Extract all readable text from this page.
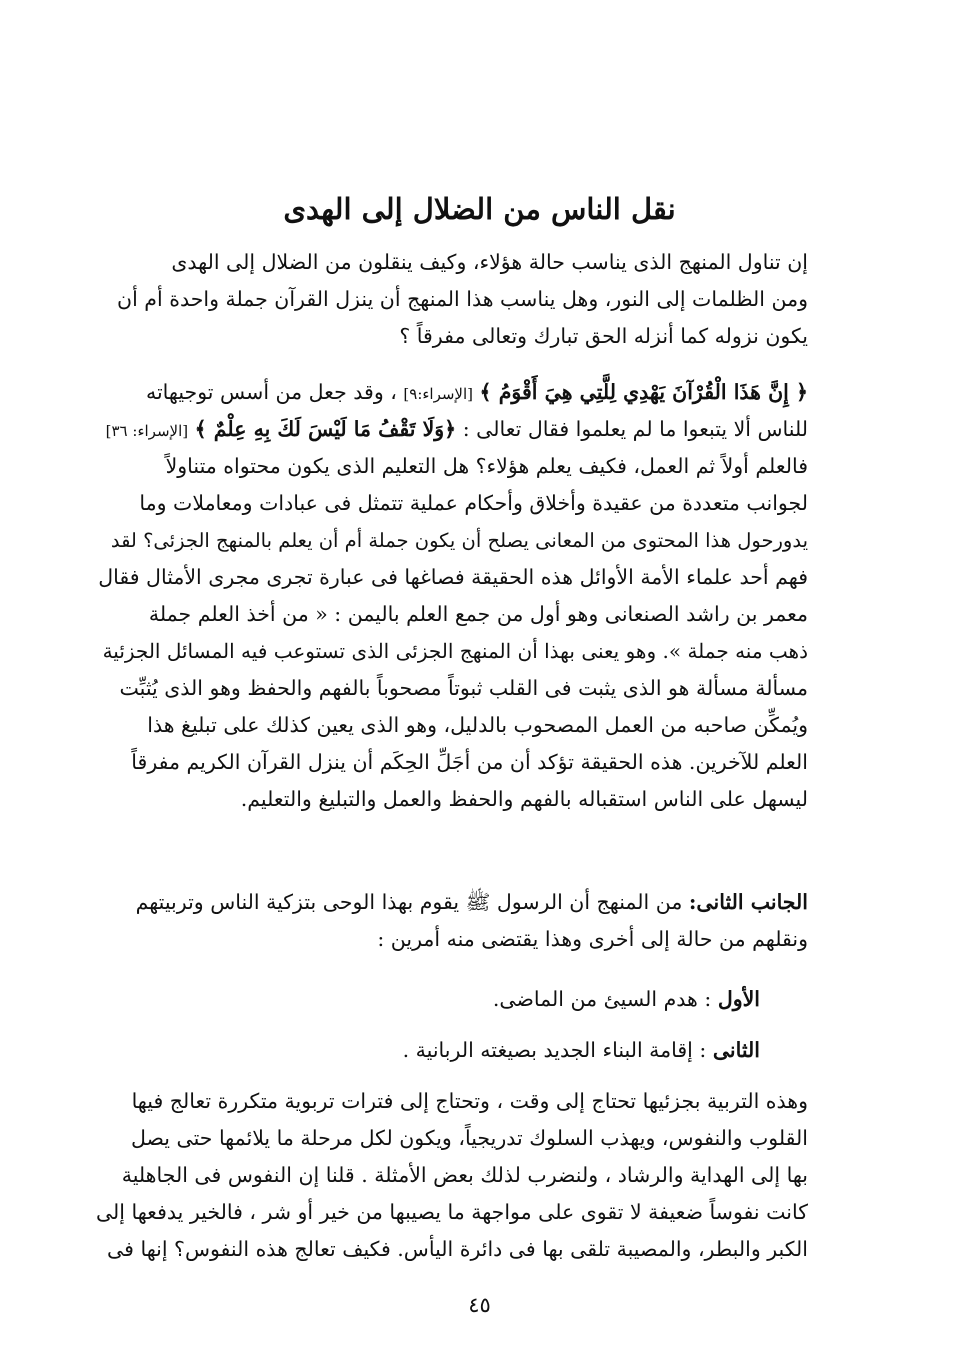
نقل الناس من الضلال إلى الهدى
إن تناول المنهج الذى يناسب حالة هؤلاء، وكيف ينقلون من الضلال إلى الهدى
ومن الظلمات إلى النور، وهل يناسب هذا المنهج أن ينزل القرآن جملة واحدة أم أن
يكون نزوله كما أنزله الحق تبارك وتعالى مفرقاً ؟
﴿ إِنَّ هَذَا الْقُرْآنَ يَهْدِي لِلَّتِي هِيَ أَقْوَمُ ﴾ [الإسراء:٩] ، وقد جعل من أسس توجيهاته
للناس ألا يتبعوا ما لم يعلموا فقال تعالى : ﴿وَلَا تَقْفُ مَا لَيْسَ لَكَ بِهِ عِلْمٌ ﴾ [الإسراء: ٣٦]
فالعلم أولاً ثم العمل، فكيف يعلم هؤلاء؟ هل التعليم الذى يكون محتواه متناولاً
لجوانب متعددة من عقيدة وأخلاق وأحكام عملية تتمثل فى عبادات ومعاملات وما
يدورحول هذا المحتوى من المعانى يصلح أن يكون جملة أم أن يعلم بالمنهج الجزئى؟ لقد
فهم أحد علماء الأمة الأوائل هذه الحقيقة فصاغها فى عبارة تجرى مجرى الأمثال فقال
معمر بن راشد الصنعانى وهو أول من جمع العلم باليمن : « من أخذ العلم جملة
ذهب منه جملة ». وهو يعنى بهذا أن المنهج الجزئى الذى تستوعب فيه المسائل الجزئية
مسألة مسألة هو الذى يثبت فى القلب ثبوتاً مصحوباً بالفهم والحفظ وهو الذى يُثبِّت
ويُمكِّن صاحبه من العمل المصحوب بالدليل، وهو الذى يعين كذلك على تبليغ هذا
العلم للآخرين. هذه الحقيقة تؤكد أن من أجَلِّ الحِكَم أن ينزل القرآن الكريم مفرقاً
ليسهل على الناس استقباله بالفهم والحفظ والعمل والتبليغ والتعليم.
الجانب الثانى: من المنهج أن الرسول ﷺ يقوم بهذا الوحى بتزكية الناس وتربيتهم
ونقلهم من حالة إلى أخرى وهذا يقتضى منه أمرين :
الأول : هدم السيئ من الماضى.
الثانى : إقامة البناء الجديد بصيغته الربانية .
وهذه التربية بجزئيها تحتاج إلى وقت ، وتحتاج إلى فترات تربوية متكررة تعالج فيها
القلوب والنفوس، ويهذب السلوك تدريجياً، ويكون لكل مرحلة ما يلائمها حتى يصل
بها إلى الهداية والرشاد ، ولنضرب لذلك بعض الأمثلة . قلنا إن النفوس فى الجاهلية
كانت نفوساً ضعيفة لا تقوى على مواجهة ما يصيبها من خير أو شر ، فالخير يدفعها إلى
الكبر والبطر، والمصيبة تلقى بها فى دائرة اليأس. فكيف تعالج هذه النفوس؟ إنها فى
٤٥
